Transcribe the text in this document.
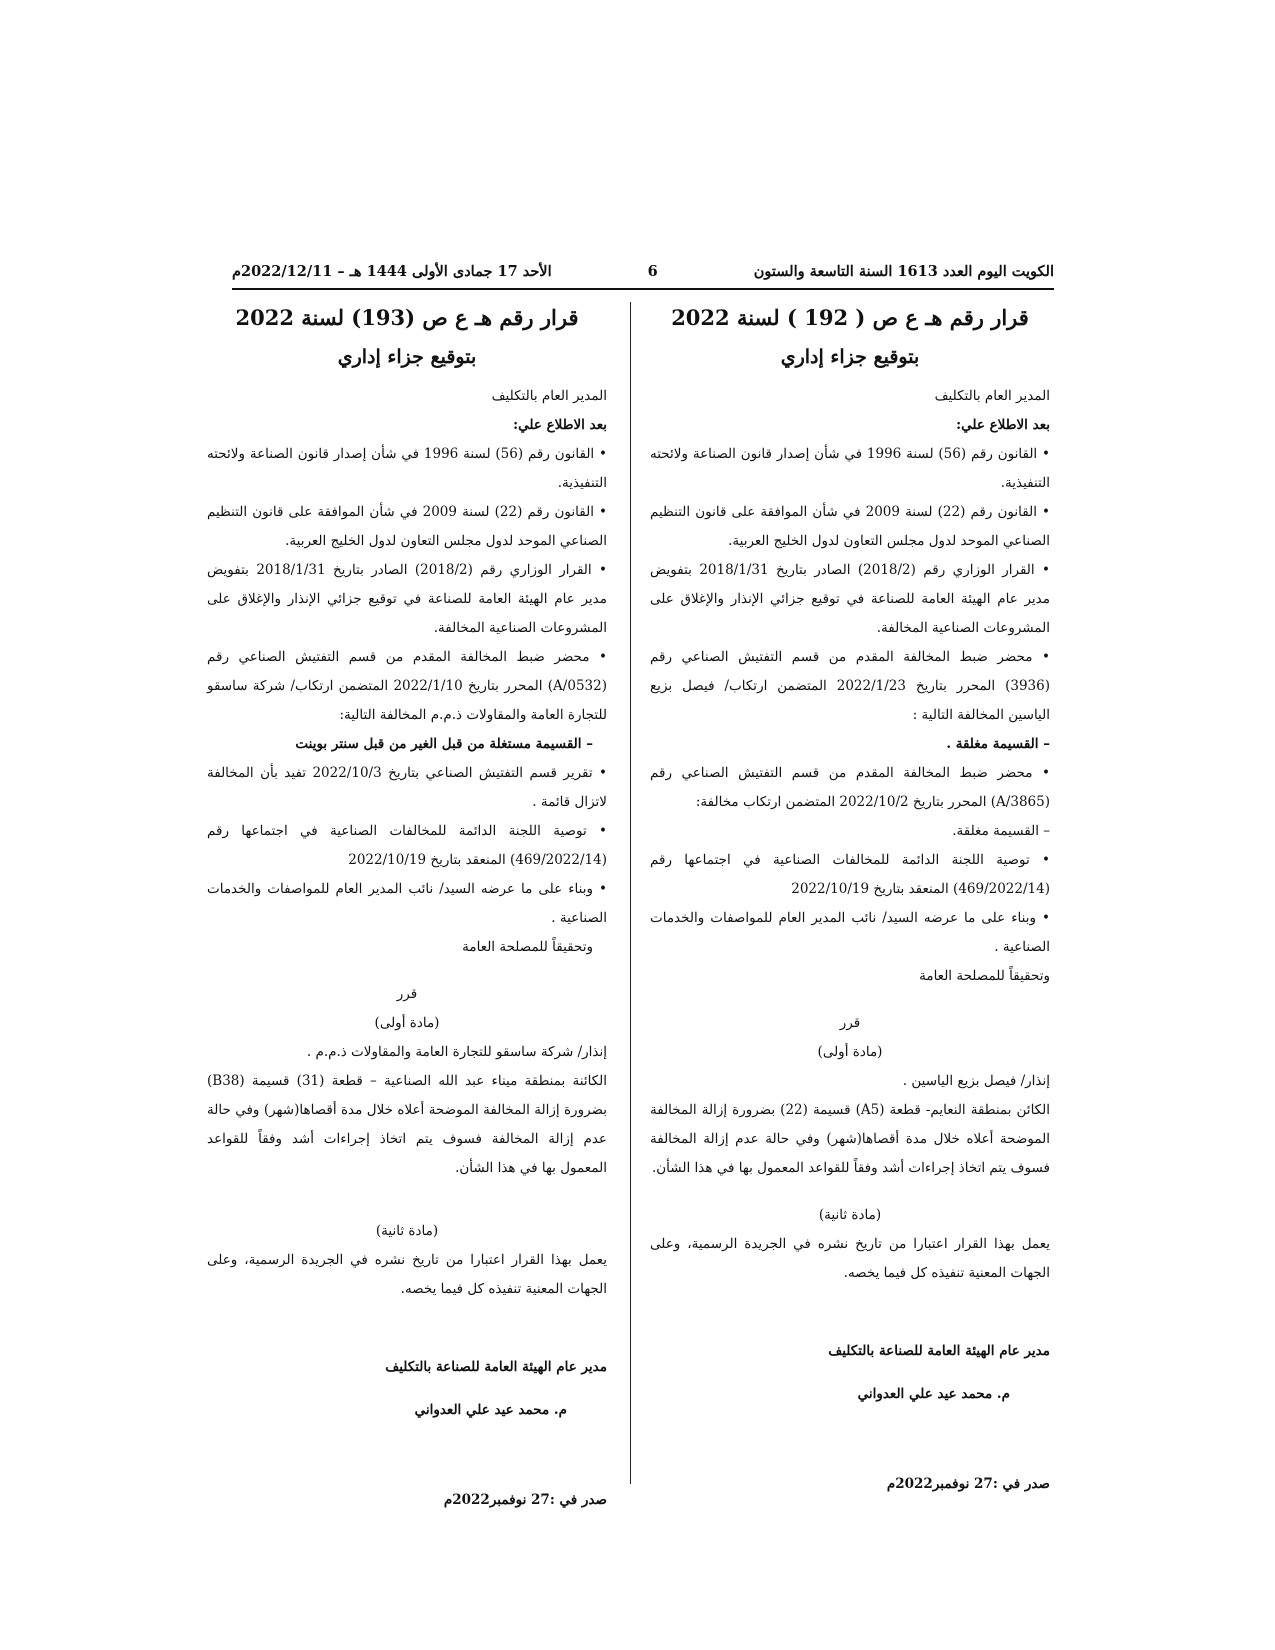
الكويت اليوم العدد 1613 السنة التاسعة والستون
6
الأحد 17 جمادى الأولى 1444 هـ – 2022/12/11م

قرار رقم هـ ع ص ( 192 ) لسنة 2022

بتوقيع جزاء إداري

المدير العام بالتكليف

بعد الاطلاع علي:

• القانون رقم (56) لسنة 1996 في شأن إصدار قانون الصناعة ولائحته التنفيذية.

• القانون رقم (22) لسنة 2009 في شأن الموافقة على قانون التنظيم الصناعي الموحد لدول مجلس التعاون لدول الخليج العربية.

• القرار الوزاري رقم (2018/2) الصادر بتاريخ 2018/1/31 بتفويض مدير عام الهيئة العامة للصناعة في توقيع جزائي الإنذار والإغلاق على المشروعات الصناعية المخالفة.

• محضر ضبط المخالفة المقدم من قسم التفتيش الصناعي رقم (3936) المحرر بتاريخ 2022/1/23 المتضمن ارتكاب/ فيصل بزيع الياسين المخالفة التالية :

– القسيمة مغلقة .

• محضر ضبط المخالفة المقدم من قسم التفتيش الصناعي رقم (3865/A) المحرر بتاريخ 2022/10/2 المتضمن ارتكاب مخالفة:

– القسيمة مغلقة.

• توصية اللجنة الدائمة للمخالفات الصناعية في اجتماعها رقم (469/2022/14) المنعقد بتاريخ 2022/10/19

• وبناء على ما عرضه السيد/ نائب المدير العام للمواصفات والخدمات الصناعية .

وتحقيقاً للمصلحة العامة

قرر

(مادة أولى)

إنذار/ فيصل بزيع الياسين .

الكائن بمنطقة النعايم- قطعة (A5) قسيمة (22) بضرورة إزالة المخالفة الموضحة أعلاه خلال مدة أقصاها(شهر) وفي حالة عدم إزالة المخالفة فسوف يتم اتخاذ إجراءات أشد وفقاً للقواعد المعمول بها في هذا الشأن.

(مادة ثانية)

يعمل بهذا القرار اعتبارا من تاريخ نشره في الجريدة الرسمية، وعلى الجهات المعنية تنفيذه كل فيما يخصه.

مدير عام الهيئة العامة للصناعة بالتكليف

م. محمد عيد علي العدواني

صدر في :27 نوفمبر2022م

قرار رقم هـ ع ص (193) لسنة 2022

بتوقيع جزاء إداري

المدير العام بالتكليف

بعد الاطلاع علي:

• القانون رقم (56) لسنة 1996 في شأن إصدار قانون الصناعة ولائحته التنفيذية.

• القانون رقم (22) لسنة 2009 في شأن الموافقة على قانون التنظيم الصناعي الموحد لدول مجلس التعاون لدول الخليج العربية.

• القرار الوزاري رقم (2018/2) الصادر بتاريخ 2018/1/31 بتفويض مدير عام الهيئة العامة للصناعة في توقيع جزائي الإنذار والإغلاق على المشروعات الصناعية المخالفة.

• محضر ضبط المخالفة المقدم من قسم التفتيش الصناعي رقم (0532/A) المحرر بتاريخ 2022/1/10 المتضمن ارتكاب/ شركة ساسقو للتجارة العامة والمقاولات ذ.م.م المخالفة التالية:

– القسيمة مستغلة من قبل الغير من قبل سنتر بوينت

• تقرير قسم التفتيش الصناعي بتاريخ 2022/10/3 تفيد بأن المخالفة لاتزال قائمة .

• توصية اللجنة الدائمة للمخالفات الصناعية في اجتماعها رقم (469/2022/14) المنعقد بتاريخ 2022/10/19

• وبناء على ما عرضه السيد/ نائب المدير العام للمواصفات والخدمات الصناعية .

وتحقيقاً للمصلحة العامة

قرر

(مادة أولى)

إنذار/ شركة ساسقو للتجارة العامة والمقاولات ذ.م.م .

الكائنة بمنطقة ميناء عبد الله الصناعية – قطعة (31) قسيمة (B38) بضرورة إزالة المخالفة الموضحة أعلاه خلال مدة أقصاها(شهر) وفي حالة عدم إزالة المخالفة فسوف يتم اتخاذ إجراءات أشد وفقاً للقواعد المعمول بها في هذا الشأن.

(مادة ثانية)

يعمل بهذا القرار اعتبارا من تاريخ نشره في الجريدة الرسمية، وعلى الجهات المعنية تنفيذه كل فيما يخصه.

مدير عام الهيئة العامة للصناعة بالتكليف

م. محمد عيد علي العدواني

صدر في :27 نوفمبر2022م
